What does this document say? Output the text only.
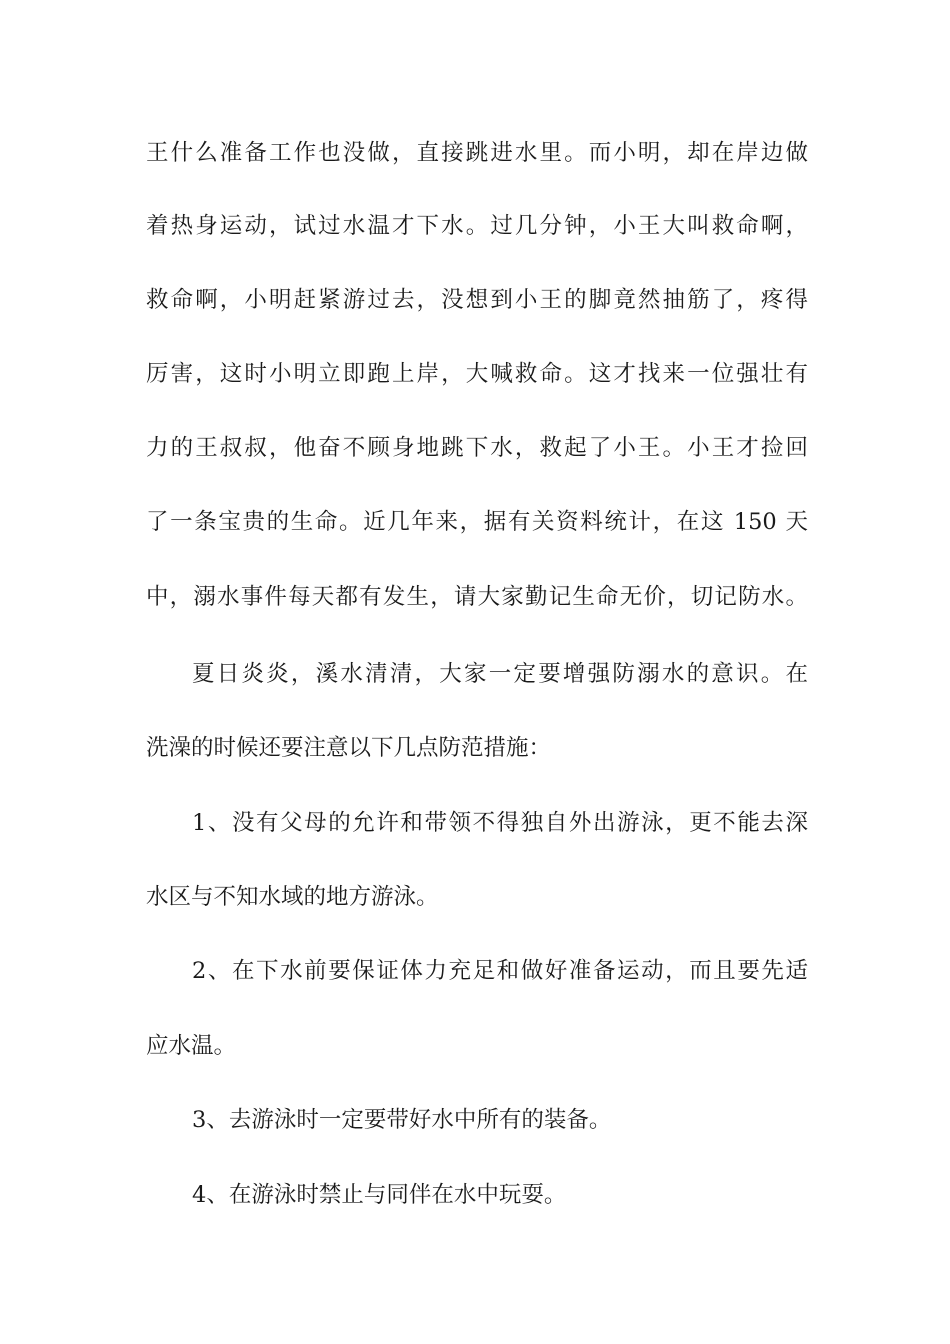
王什么准备工作也没做，直接跳进水里。而小明，却在岸边做
着热身运动，试过水温才下水。过几分钟，小王大叫救命啊，
救命啊，小明赶紧游过去，没想到小王的脚竟然抽筋了，疼得
厉害，这时小明立即跑上岸，大喊救命。这才找来一位强壮有
力的王叔叔，他奋不顾身地跳下水，救起了小王。小王才捡回
了一条宝贵的生命。近几年来，据有关资料统计，在这 150 天
中，溺水事件每天都有发生，请大家勤记生命无价，切记防水。
夏日炎炎，溪水清清，大家一定要增强防溺水的意识。在
洗澡的时候还要注意以下几点防范措施：
1、没有父母的允许和带领不得独自外出游泳，更不能去深
水区与不知水域的地方游泳。
2、在下水前要保证体力充足和做好准备运动，而且要先适
应水温。
3、去游泳时一定要带好水中所有的装备。
4、在游泳时禁止与同伴在水中玩耍。
